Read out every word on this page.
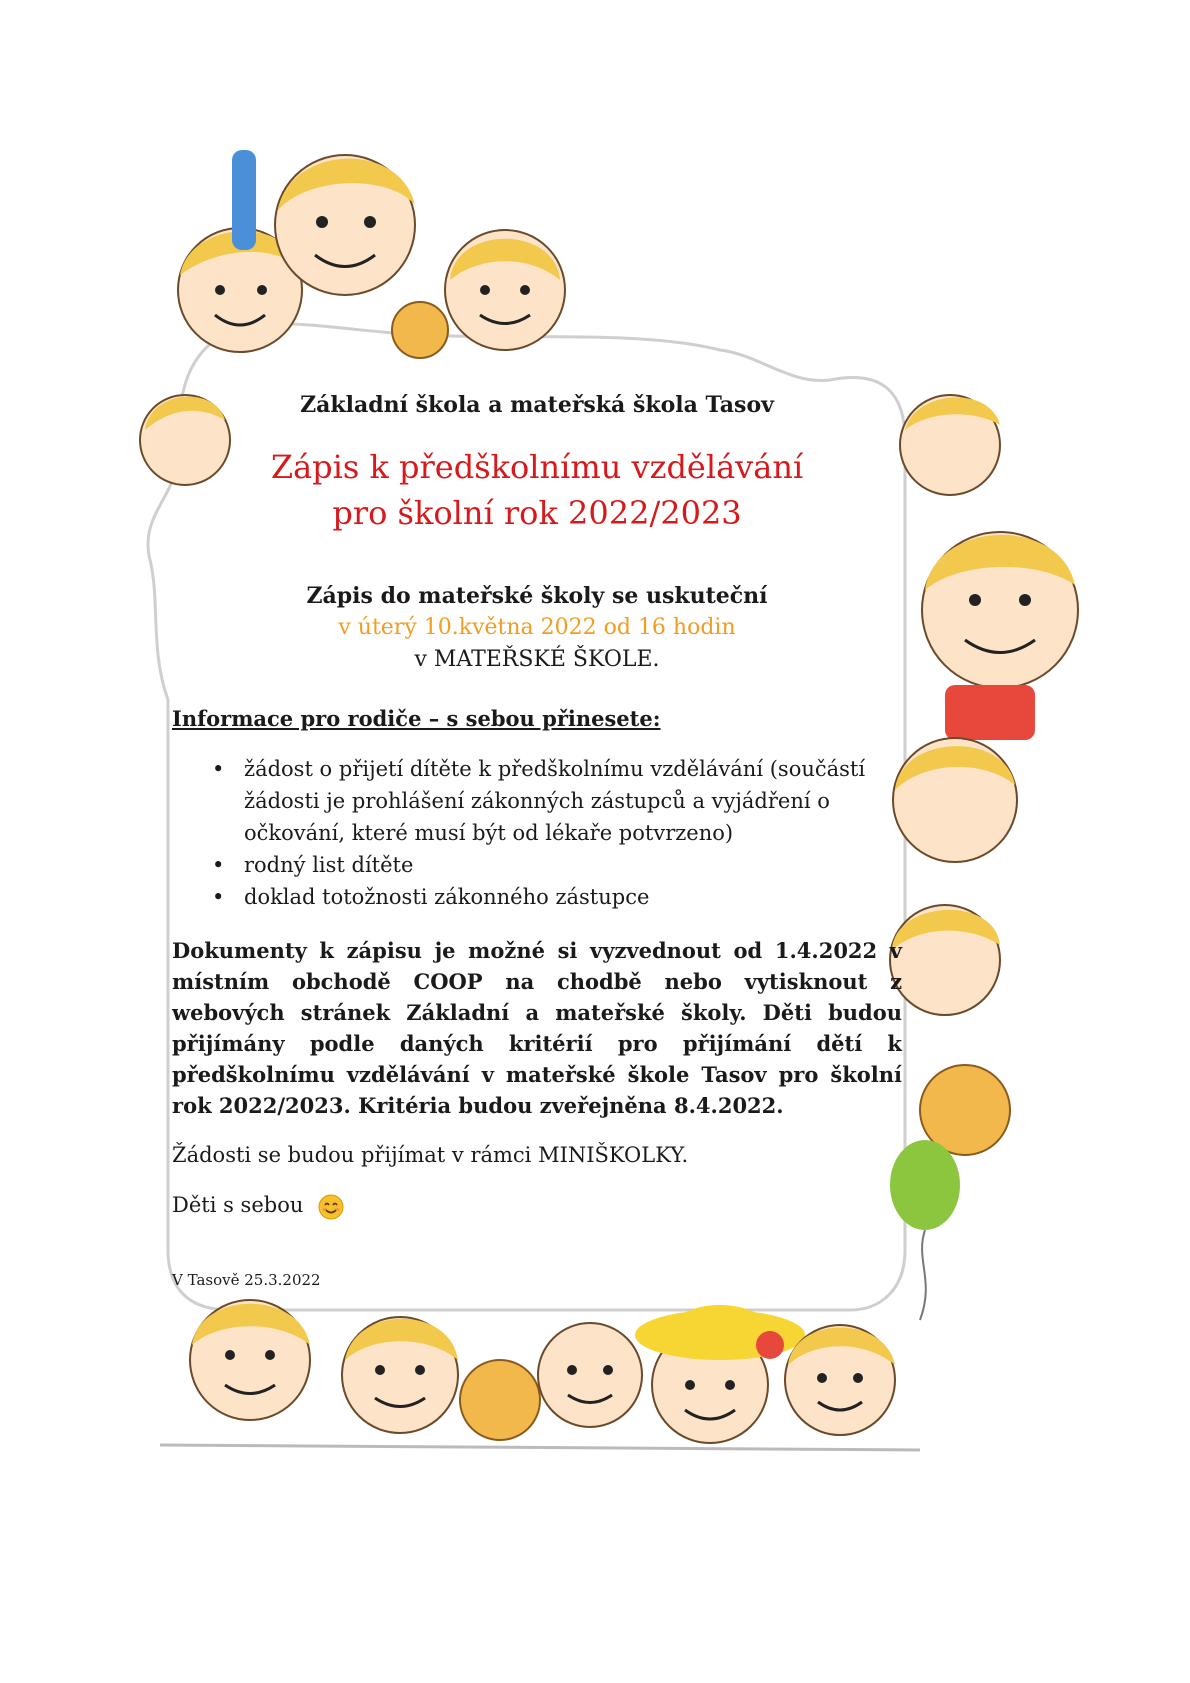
Základní škola a mateřská škola Tasov
Zápis k předškolnímu vzdělávání
pro školní rok 2022/2023
Zápis do mateřské školy se uskuteční
v úterý 10.května 2022 od 16 hodin
v MATEŘSKÉ ŠKOLE.
Informace pro rodiče – s sebou přinesete:
• žádost o přijetí dítěte k předškolnímu vzdělávání (součástí žádosti je prohlášení zákonných zástupců a vyjádření o očkování, které musí být od lékaře potvrzeno)
• rodný list dítěte
• doklad totožnosti zákonného zástupce
Dokumenty k zápisu je možné si vyzvednout od 1.4.2022 v místním obchodě COOP na chodbě nebo vytisknout z webových stránek Základní a mateřské školy. Děti budou přijímány podle daných kritérií pro přijímání dětí k předškolnímu vzdělávání v mateřské škole Tasov pro školní rok 2022/2023. Kritéria budou zveřejněna 8.4.2022.
Žádosti se budou přijímat v rámci MINIŠKOLKY.
Děti s sebou
V Tasově 25.3.2022
